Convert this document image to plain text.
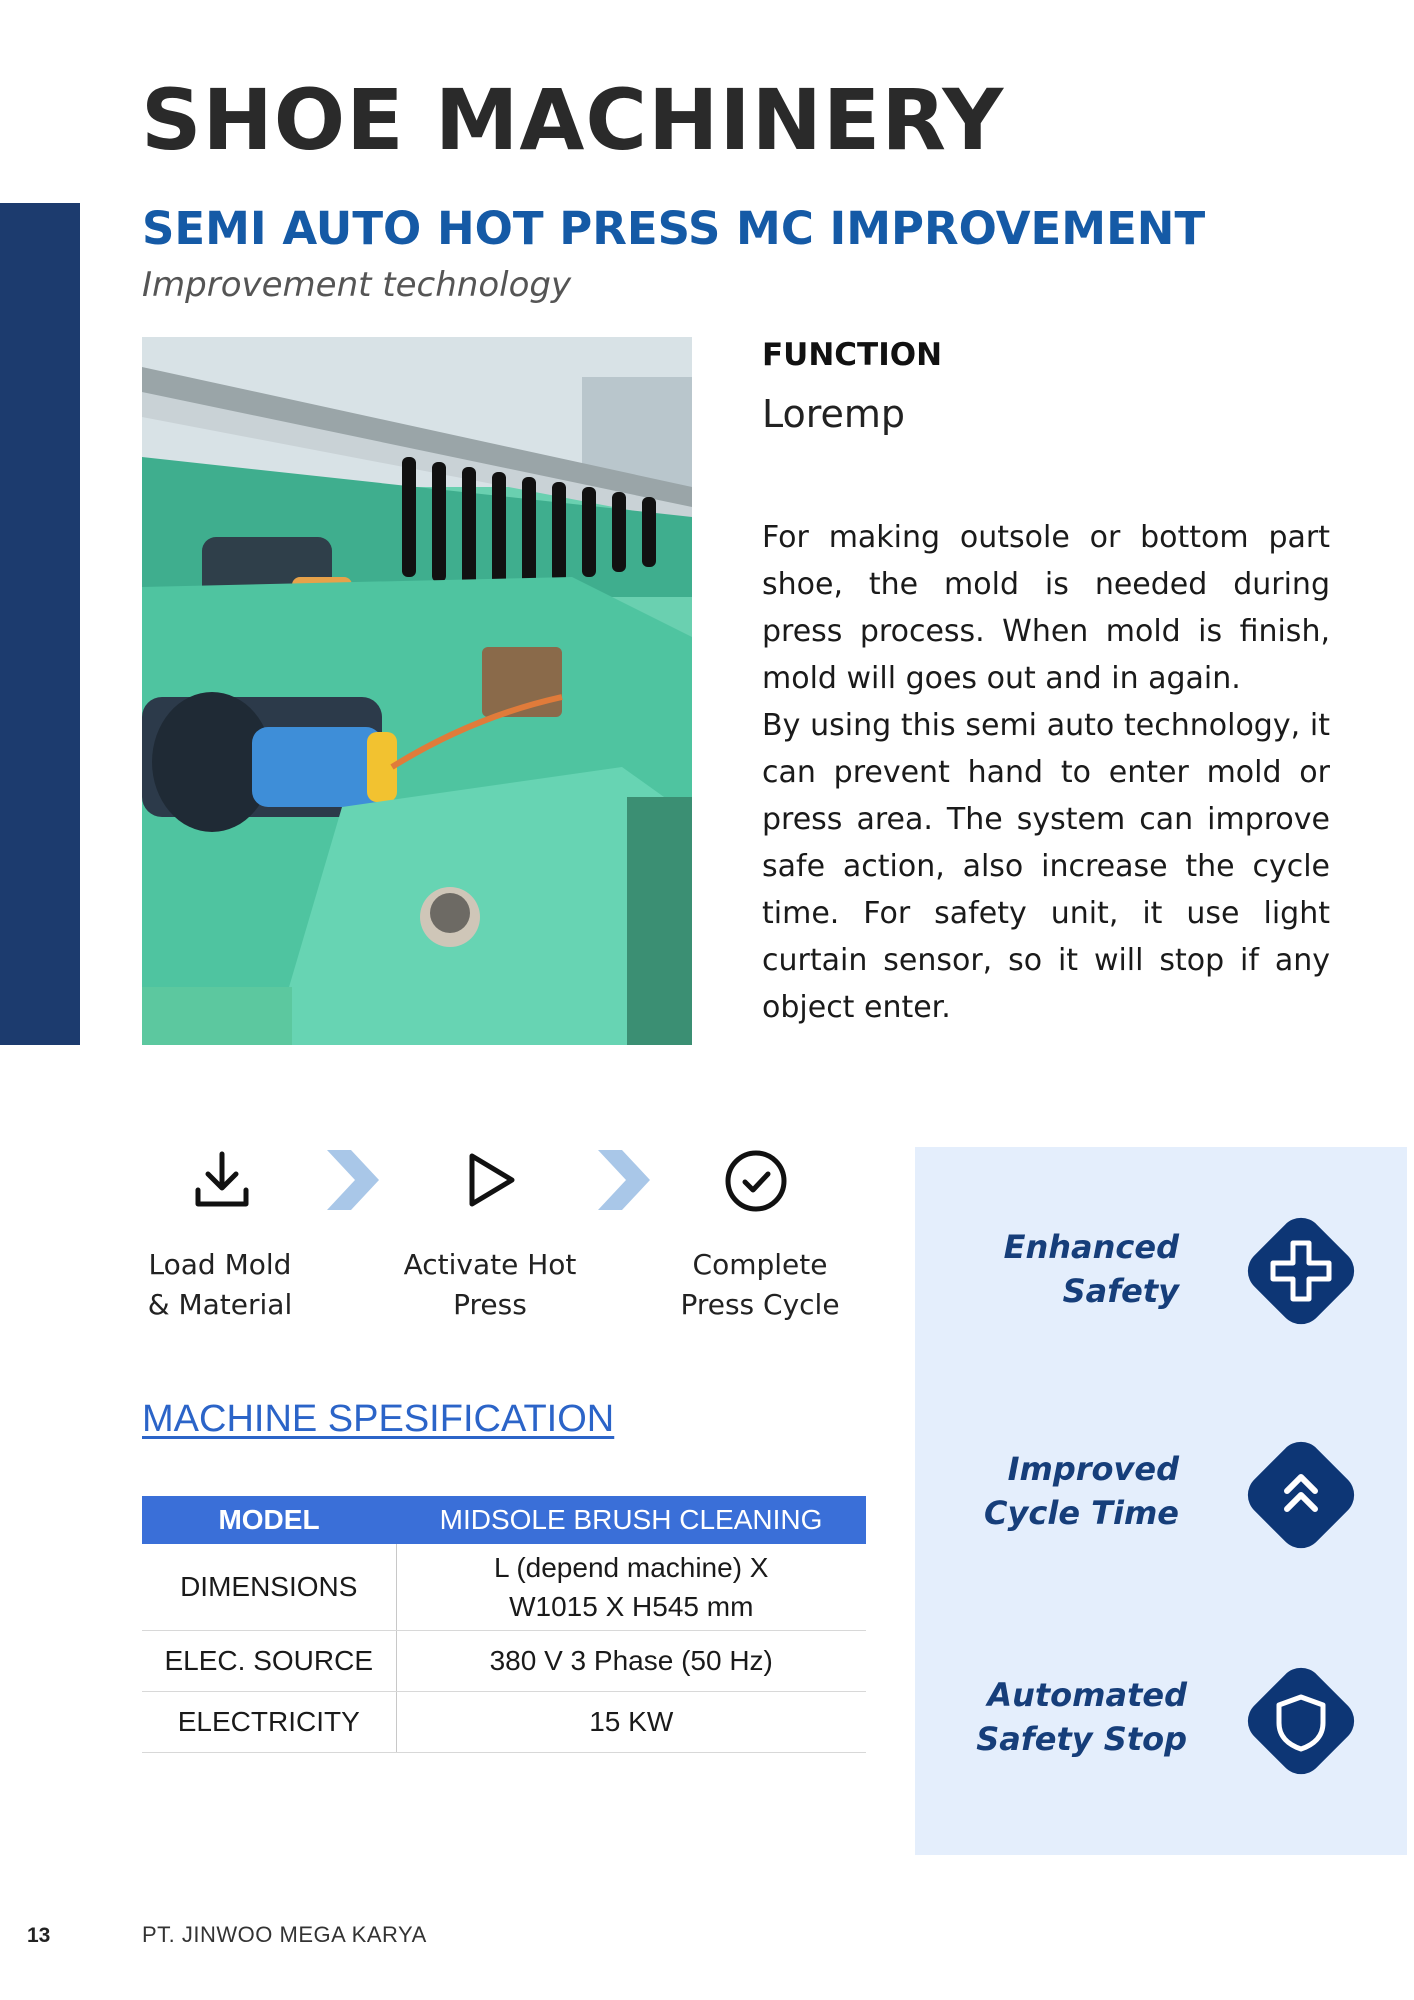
SHOE MACHINERY
SEMI AUTO HOT PRESS MC IMPROVEMENT
Improvement technology
FUNCTION
Loremp

For making outsole or bottom part shoe, the mold is needed during press process. When mold is finish, mold will goes out and in again.

By using this semi auto technology, it can prevent hand to enter mold or press area. The system can improve safe action, also increase the cycle time. For safety unit, it use light curtain sensor, so it will stop if any object enter.

Load Mold
& Material
Activate Hot
Press
Complete
Press Cycle
MACHINE SPESIFICATION
MODEL	MIDSOLE BRUSH CLEANING
DIMENSIONS	L (depend machine) X
W1015 X H545 mm

ELEC. SOURCE	380 V 3 Phase (50 Hz)
ELECTRICITY	15 KW
Enhanced
Safety
Improved
Cycle Time
Automated
Safety Stop
13	PT. JINWOO MEGA KARYA
